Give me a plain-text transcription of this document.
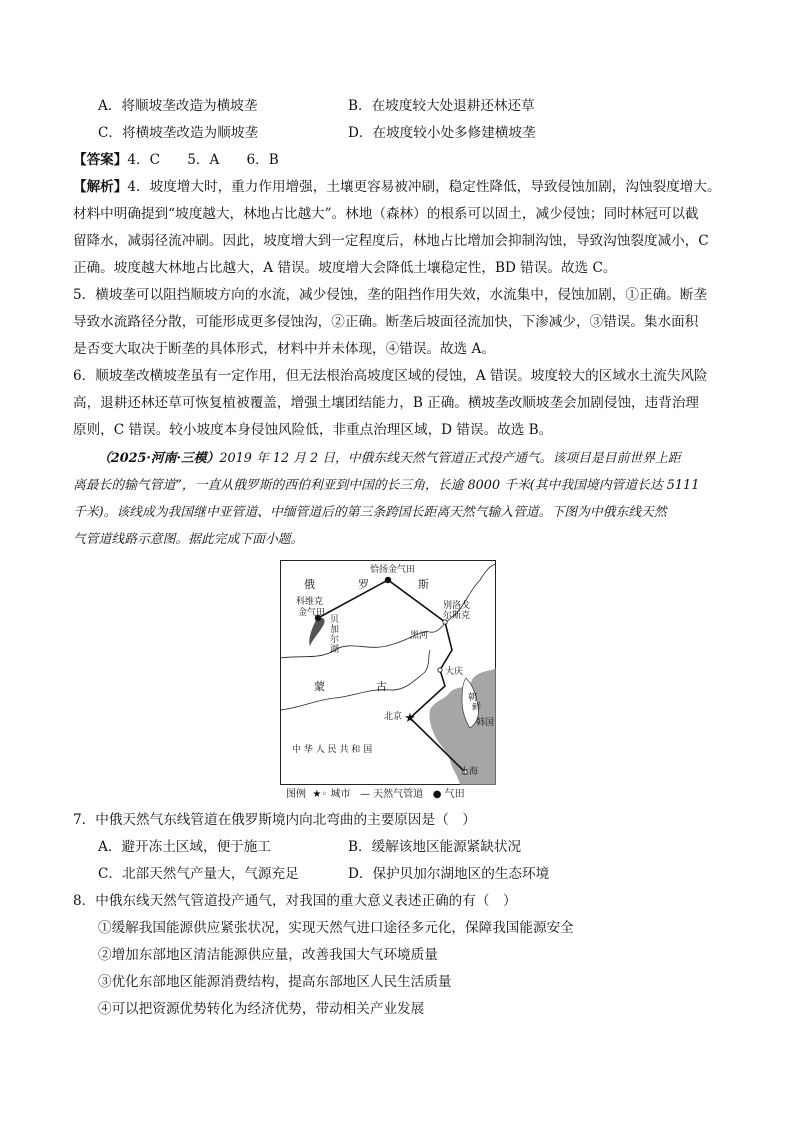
A．将顺坡垄改造为横坡垄	B．在坡度较大处退耕还林还草
C．将横坡垄改造为顺坡垄	D．在坡度较小处多修建横坡垄
【答案】4．C　　5．A　　6．B
【解析】4．坡度增大时，重力作用增强，土壤更容易被冲刷，稳定性降低，导致侵蚀加剧，沟蚀裂度增大。
材料中明确提到“坡度越大，林地占比越大”。林地（森林）的根系可以固土，减少侵蚀；同时林冠可以截
留降水，减弱径流冲刷。因此，坡度增大到一定程度后，林地占比增加会抑制沟蚀，导致沟蚀裂度减小，C
正确。坡度越大林地占比越大，A 错误。坡度增大会降低土壤稳定性，BD 错误。故选 C。
5．横坡垄可以阻挡顺坡方向的水流，减少侵蚀，垄的阻挡作用失效，水流集中，侵蚀加剧，①正确。断垄
导致水流路径分散，可能形成更多侵蚀沟，②正确。断垄后坡面径流加快，下渗减少，③错误。集水面积
是否变大取决于断垄的具体形式，材料中并未体现，④错误。故选 A。
6．顺坡垄改横坡垄虽有一定作用，但无法根治高坡度区域的侵蚀，A 错误。坡度较大的区域水土流失风险
高，退耕还林还草可恢复植被覆盖，增强土壤团结能力，B 正确。横坡垄改顺坡垄会加剧侵蚀，违背治理
原则，C 错误。较小坡度本身侵蚀风险低，非重点治理区域，D 错误。故选 B。
（2025·河南·三模）2019 年 12 月 2 日，中俄东线天然气管道正式投产通气。该项目是目前世界上距
离最长的输气管道”，一直从俄罗斯的西伯利亚到中国的长三角，长逾 8000 千米(其中我国境内管道长达 5111
千米)。该线成为我国继中亚管道、中缅管道后的第三条跨国长距离天然气输入管道。下图为中俄东线天然
气管道线路示意图。据此完成下面小题。
★
俄	罗	斯
恰扬金气田
科维克
金气田
贝
加
尔
湖
别洛戈
尔斯克
黑河
大庆
蒙	古
朝
鲜
韩国
北京
中 华 人 民 共 和 国
上海
图例 ★◦ 城市 — 天然气管道 ● 气田
7．中俄天然气东线管道在俄罗斯境内向北弯曲的主要原因是（　）
A．避开冻土区域，便于施工	B．缓解该地区能源紧缺状况
C．北部天然气产量大，气源充足	D．保护贝加尔湖地区的生态环境
8．中俄东线天然气管道投产通气，对我国的重大意义表述正确的有（　）
①缓解我国能源供应紧张状况，实现天然气进口途径多元化，保障我国能源安全
②增加东部地区清洁能源供应量，改善我国大气环境质量
③优化东部地区能源消费结构，提高东部地区人民生活质量
④可以把资源优势转化为经济优势，带动相关产业发展
